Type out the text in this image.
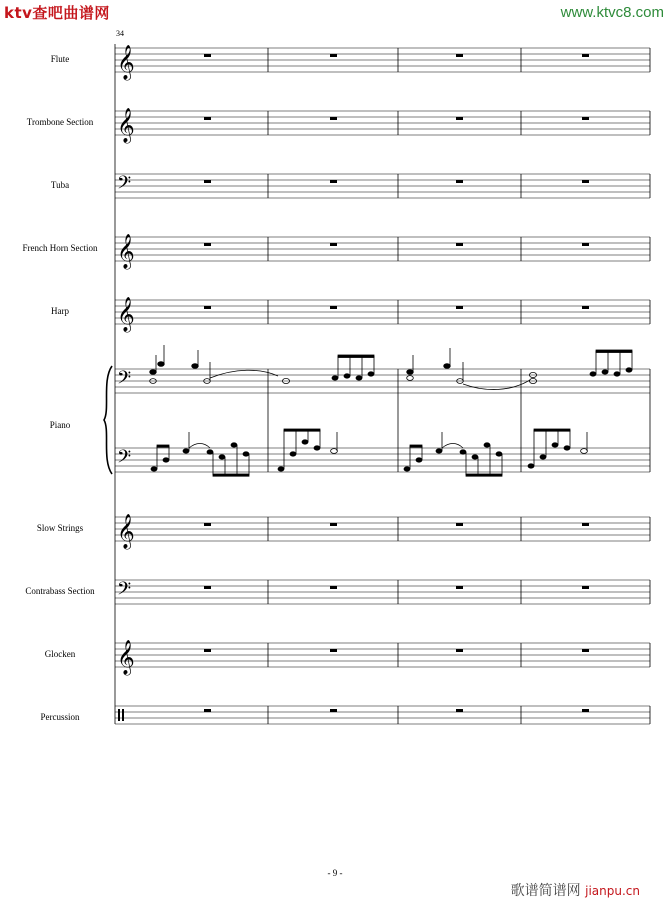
ktv查吧曲谱网	www.ktvc8.com
34
Flute
Trombone Section
Tuba
French Horn Section
Harp
Piano
Slow Strings
Contrabass Section
Glocken
Percussion
𝄞
𝄞
𝄢
𝄞
𝄞
𝄢
𝄢
𝄞
𝄢
𝄞
- 9 -
歌谱简谱网 jianpu.cn
